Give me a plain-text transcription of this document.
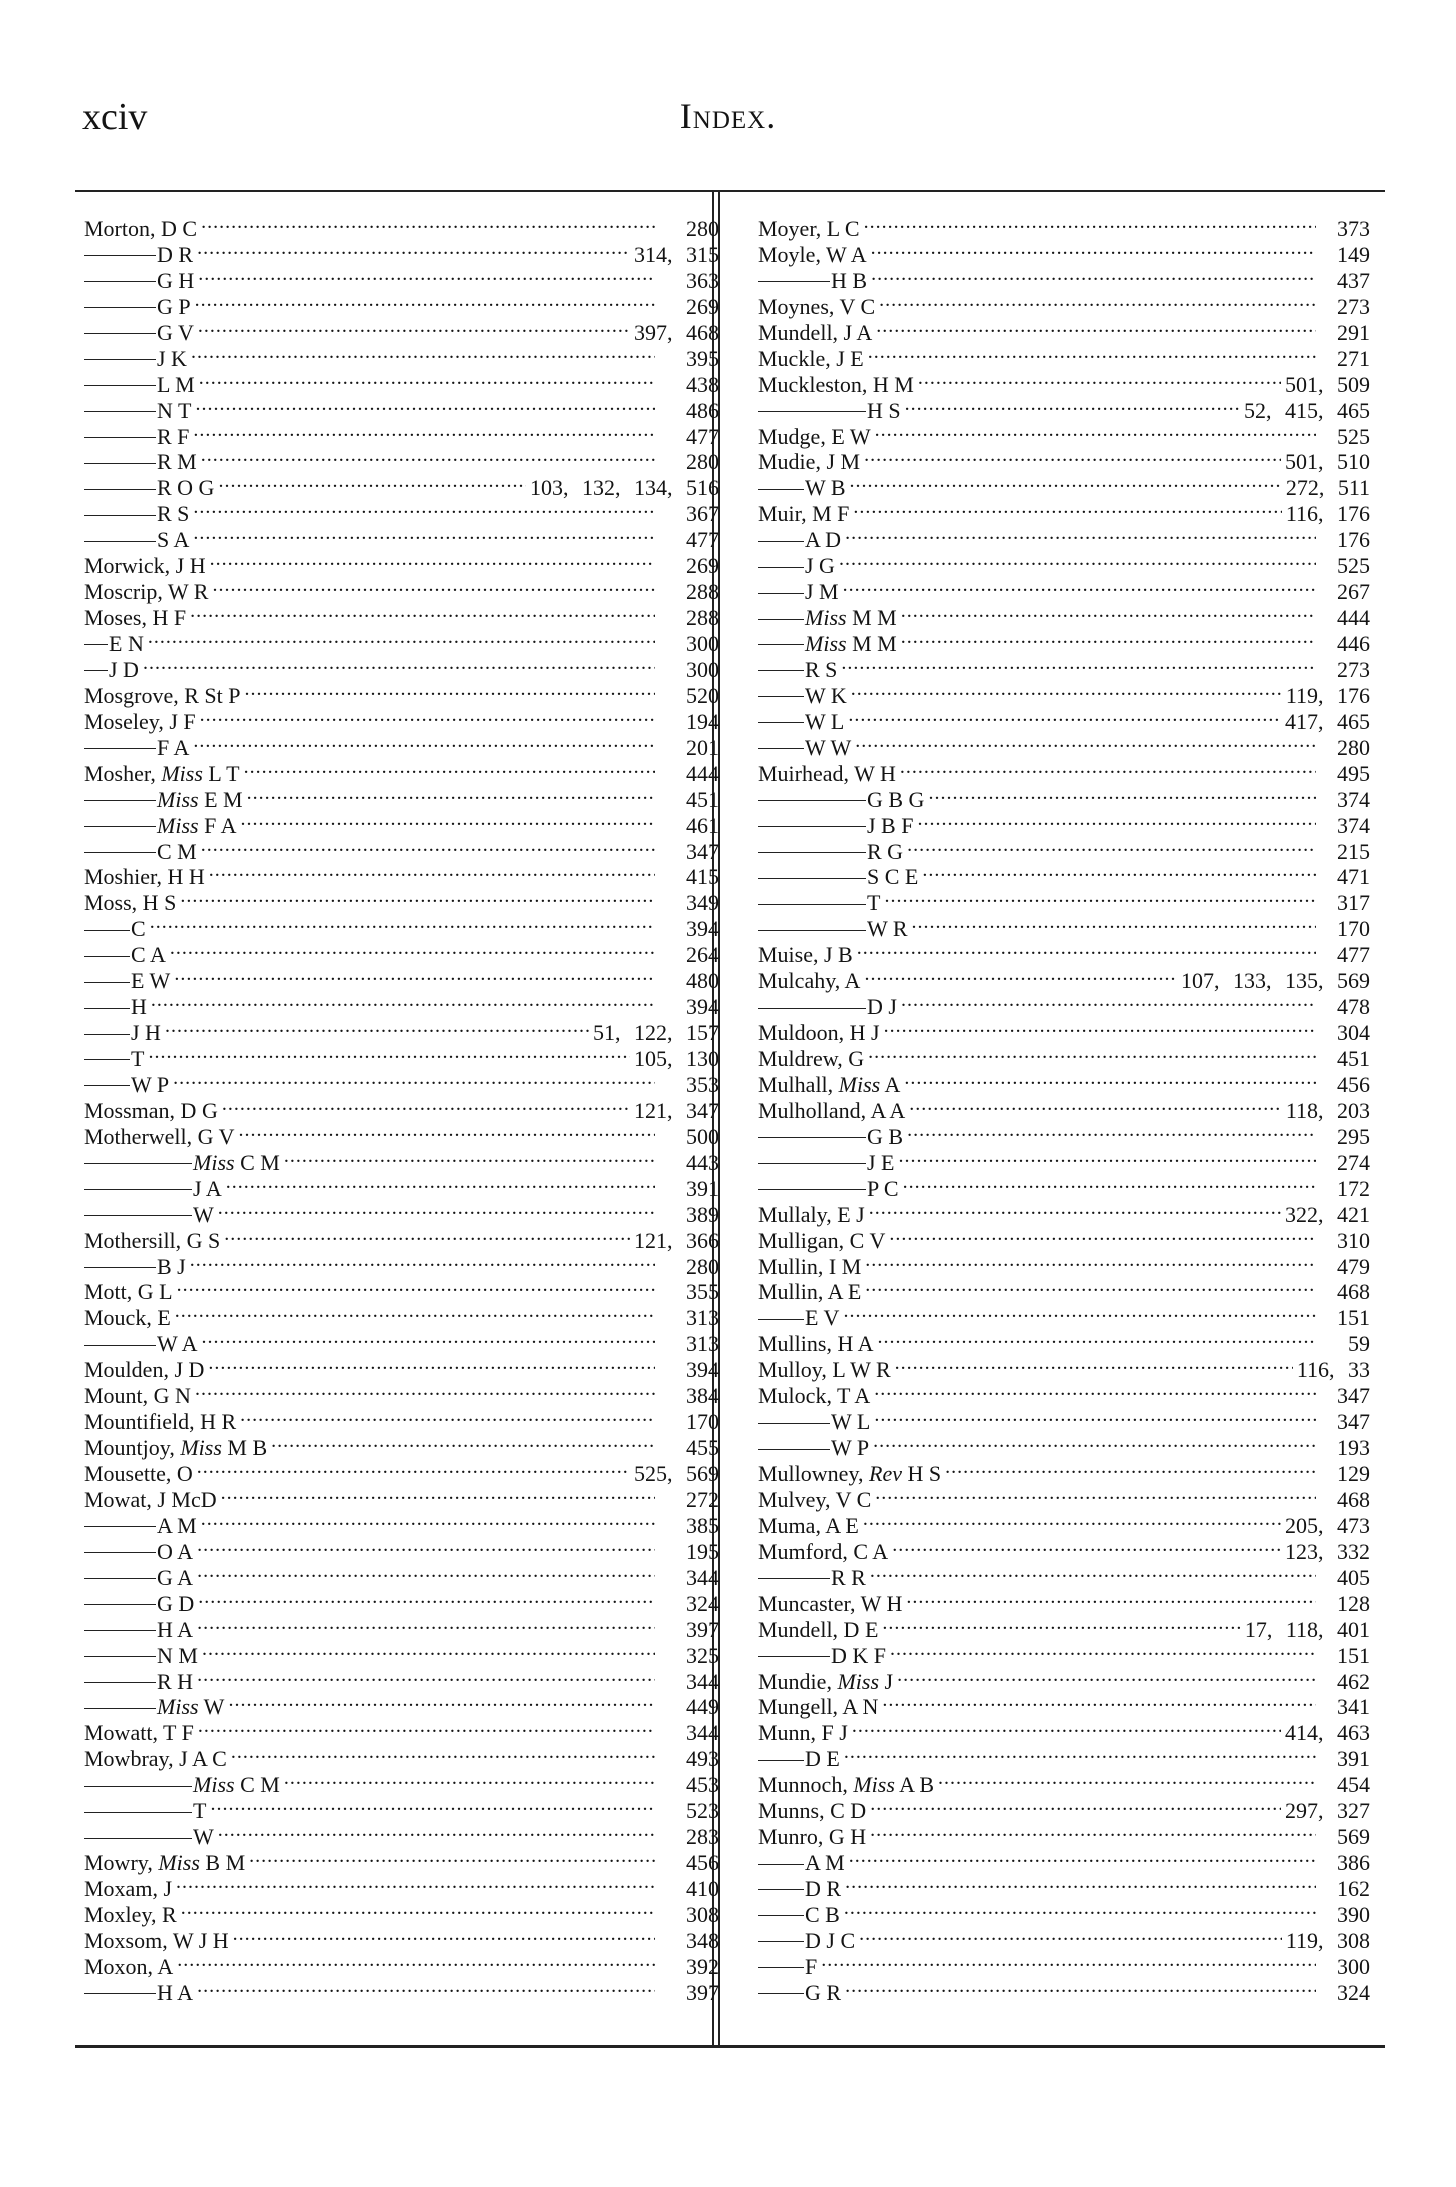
xciv	Index.
Morton, D C . . .	280
D R . . .	314, 315
G H . . .	363
G P . . .	269
G V . . .	397, 468
J K . . .	395
L M . . .	438
N T . . .	486
R F . . .	477
R M . . .	280
R O G . . .	103, 132, 134, 516
R S . . .	367
S A . . .	477
Morwick, J H . . .	269
Moscrip, W R . . .	288
Moses, H F . . .	288
E N . . .	300
J D . . .	300
Mosgrove, R St P . . .	520
Moseley, J F . . .	194
F A . . .	201
Mosher, Miss L T . . .	444
Miss E M . . .	451
Miss F A . . .	461
C M . . .	347
Moshier, H H . . .	415
Moss, H S . . .	349
C . . .	394
C A . . .	264
E W . . .	480
H . . .	394
J H . . .	51, 122, 157
T . . .	105, 130
W P . . .	353
Mossman, D G . . .	121, 347
Motherwell, G V . . .	500
Miss C M . . .	443
J A . . .	391
W . . .	389
Mothersill, G S . . .	121, 366
B J . . .	280
Mott, G L . . .	355
Mouck, E . . .	313
W A . . .	313
Moulden, J D . . .	394
Mount, G N . . .	384
Mountifield, H R . . .	170
Mountjoy, Miss M B . . .	455
Mousette, O . . .	525, 569
Mowat, J McD . . .	272
A M . . .	385
O A . . .	195
G A . . .	344
G D . . .	324
H A . . .	397
N M . . .	325
R H . . .	344
Miss W . . .	449
Mowatt, T F . . .	344
Mowbray, J A C . . .	493
Miss C M . . .	453
T . . .	523
W . . .	283
Mowry, Miss B M . . .	456
Moxam, J . . .	410
Moxley, R . . .	308
Moxsom, W J H . . .	348
Moxon, A . . .	392
H A . . .	397
Moyer, L C . . .	373
Moyle, W A . . .	149
H B . . .	437
Moynes, V C . . .	273
Mundell, J A . . .	291
Muckle, J E . . .	271
Muckleston, H M . . .	501, 509
H S . . .	52, 415, 465
Mudge, E W . . .	525
Mudie, J M . . .	501, 510
W B . . .	272, 511
Muir, M F . . .	116, 176
A D . . .	176
J G . . .	525
J M . . .	267
Miss M M . . .	444
Miss M M . . .	446
R S . . .	273
W K . . .	119, 176
W L . . .	417, 465
W W . . .	280
Muirhead, W H . . .	495
G B G . . .	374
J B F . . .	374
R G . . .	215
S C E . . .	471
T . . .	317
W R . . .	170
Muise, J B . . .	477
Mulcahy, A . . .	107, 133, 135, 569
D J . . .	478
Muldoon, H J . . .	304
Muldrew, G . . .	451
Mulhall, Miss A . . .	456
Mulholland, A A . . .	118, 203
G B . . .	295
J E . . .	274
P C . . .	172
Mullaly, E J . . .	322, 421
Mulligan, C V . . .	310
Mullin, I M . . .	479
Mullin, A E . . .	468
E V . . .	151
Mullins, H A . . .	59
Mulloy, L W R . . .	116, 33
Mulock, T A . . .	347
W L . . .	347
W P . . .	193
Mullowney, Rev H S . . .	129
Mulvey, V C . . .	468
Muma, A E . . .	205, 473
Mumford, C A . . .	123, 332
R R . . .	405
Muncaster, W H . . .	128
Mundell, D E . . .	17, 118, 401
D K F . . .	151
Mundie, Miss J . . .	462
Mungell, A N . . .	341
Munn, F J . . .	414, 463
D E . . .	391
Munnoch, Miss A B . . .	454
Munns, C D . . .	297, 327
Munro, G H . . .	569
A M . . .	386
D R . . .	162
C B . . .	390
D J C . . .	119, 308
F . . .	300
G R . . .	324
